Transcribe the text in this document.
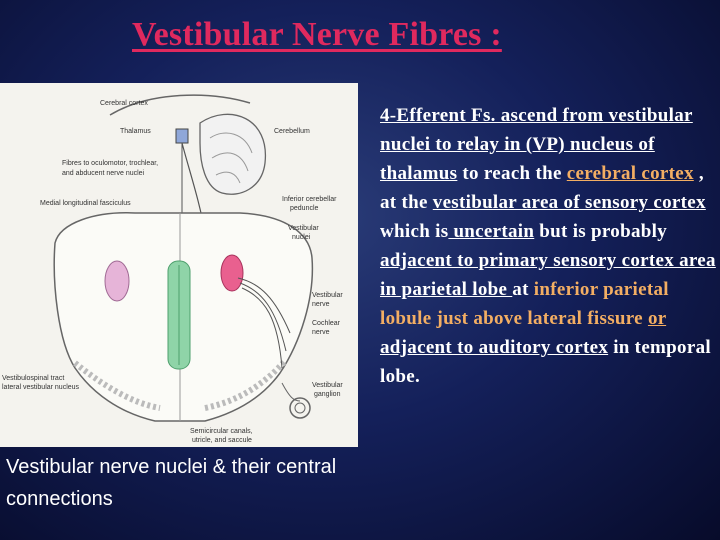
Vestibular Nerve Fibres :
Cerebral cortex
Thalamus	Cerebellum
Fibres to oculomotor, trochlear,
and abducent nerve nuclei
Inferior cerebellar
peduncle
Medial longitudinal fasciculus
Vestibular
nuclei
Vestibular
nerve
Cochlear
nerve
Vestibulospinal tract
lateral vestibular nucleus	Vestibular
ganglion
Semicircular canals,
utricle, and saccule
Vestibular nerve nuclei & their central connections
4-Efferent Fs. ascend from vestibular nuclei to relay in (VP) nucleus of thalamus to reach the cerebral cortex , at the vestibular area of sensory cortex which is uncertain but is probably adjacent to primary sensory cortex area in parietal lobe at inferior parietal lobule just above lateral fissure or adjacent to auditory cortex in temporal lobe.
